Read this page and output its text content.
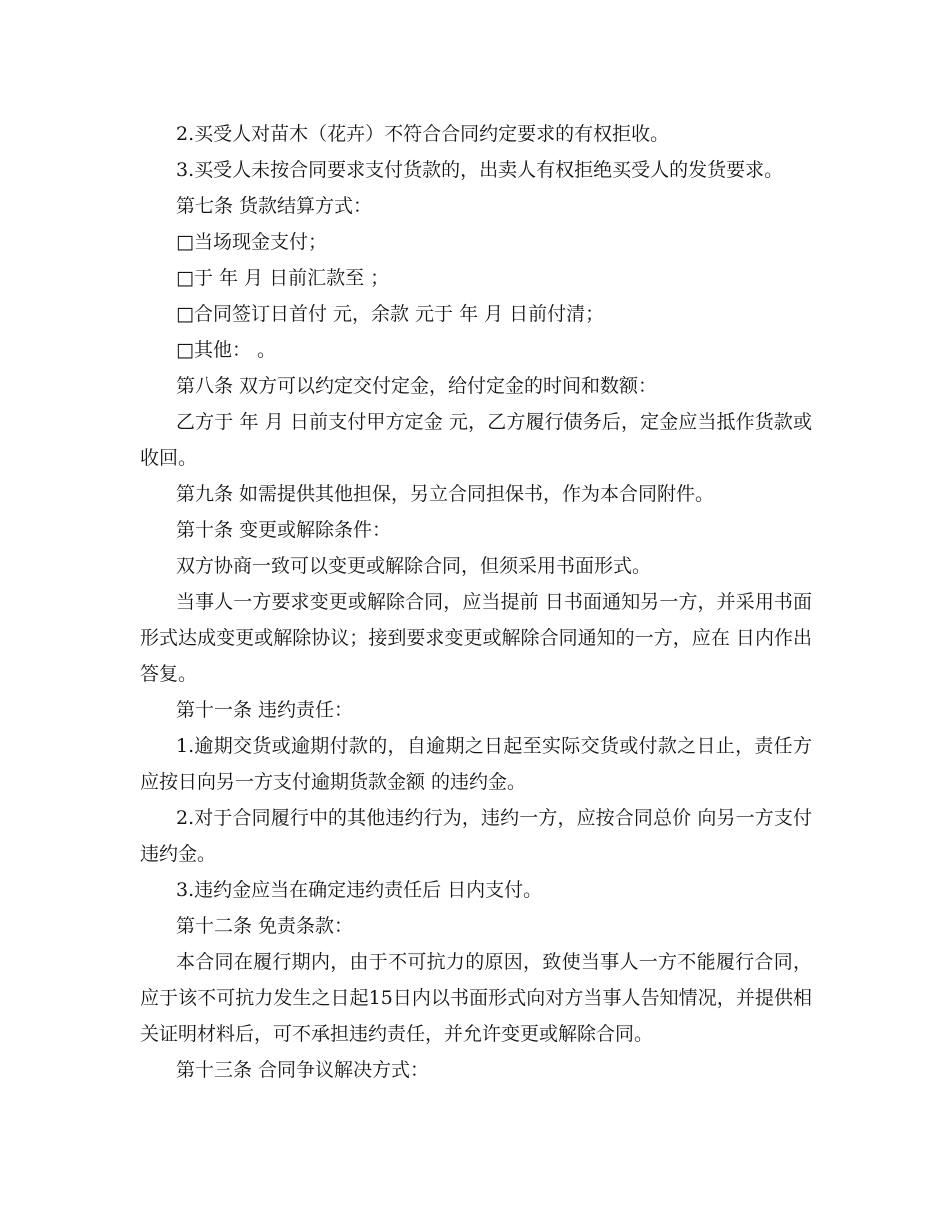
2.买受人对苗木（花卉）不符合合同约定要求的有权拒收。

3.买受人未按合同要求支付货款的，出卖人有权拒绝买受人的发货要求。

第七条 货款结算方式：

□当场现金支付；

□于 年 月 日前汇款至 ；

□合同签订日首付 元，余款 元于 年 月 日前付清；

□其他： 。

第八条 双方可以约定交付定金，给付定金的时间和数额：

乙方于 年 月 日前支付甲方定金 元，乙方履行债务后，定金应当抵作货款或收回。

第九条 如需提供其他担保，另立合同担保书，作为本合同附件。

第十条 变更或解除条件：

双方协商一致可以变更或解除合同，但须采用书面形式。

当事人一方要求变更或解除合同，应当提前 日书面通知另一方，并采用书面形式达成变更或解除协议；接到要求变更或解除合同通知的一方，应在 日内作出答复。

第十一条 违约责任：

1.逾期交货或逾期付款的，自逾期之日起至实际交货或付款之日止，责任方应按日向另一方支付逾期货款金额 的违约金。

2.对于合同履行中的其他违约行为，违约一方，应按合同总价 向另一方支付违约金。

3.违约金应当在确定违约责任后 日内支付。

第十二条 免责条款：

本合同在履行期内，由于不可抗力的原因，致使当事人一方不能履行合同，应于该不可抗力发生之日起15日内以书面形式向对方当事人告知情况，并提供相关证明材料后，可不承担违约责任，并允许变更或解除合同。

第十三条 合同争议解决方式：
